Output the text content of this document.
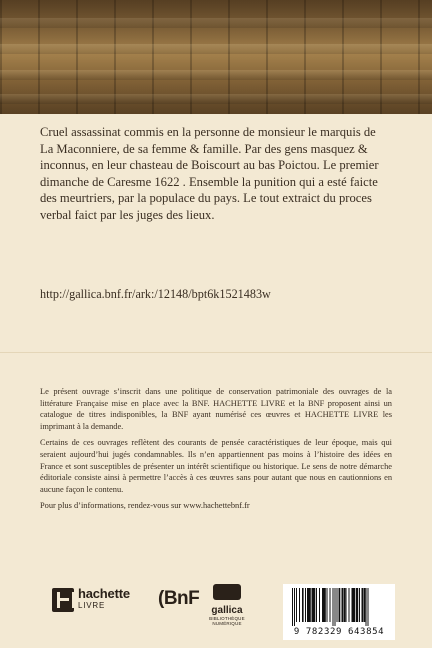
Cruel assassinat commis en la personne de monsieur le marquis de La Maconniere, de sa femme & famille. Par des gens masquez & inconnus, en leur chasteau de Boiscourt au bas Poictou. Le premier dimanche de Caresme 1622 . Ensemble la punition qui a esté faicte des meurtriers, par la populace du pays. Le tout extraict du proces verbal faict par les juges des lieux.
http://gallica.bnf.fr/ark:/12148/bpt6k1521483w

Le présent ouvrage s’inscrit dans une politique de conservation patrimoniale des ouvrages de la littérature Française mise en place avec la BNF. HACHETTE LIVRE et la BNF proposent ainsi un catalogue de titres indisponibles, la BNF ayant numérisé ces œuvres et HACHETTE LIVRE les imprimant à la demande.

Certains de ces ouvrages reflètent des courants de pensée caractéristiques de leur époque, mais qui seraient aujourd’hui jugés condamnables. Ils n’en appartiennent pas moins à l’histoire des idées en France et sont susceptibles de présenter un intérêt scientifique ou historique. Le sens de notre démarche éditoriale consiste ainsi à permettre l’accès à ces œuvres sans pour autant que nous en cautionnions en aucune façon le contenu.

Pour plus d’informations, rendez-vous sur www.hachettebnf.fr

hachette
LIVRE	(BnF
gallica
BIBLIOTHÈQUE NUMÉRIQUE
9 782329 643854
